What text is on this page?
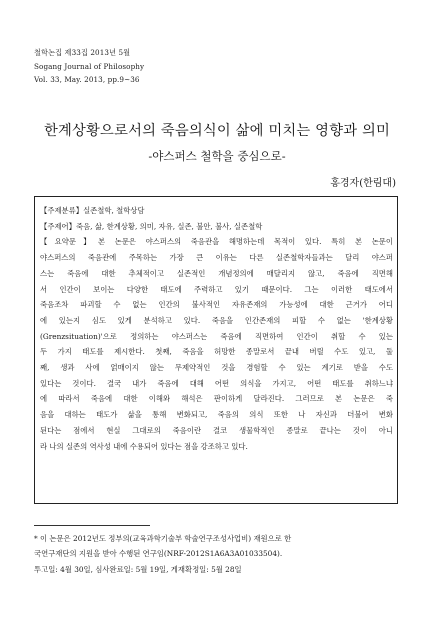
철학논집 제33집 2013년 5월
Sogang Journal of Philosophy
Vol. 33, May. 2013, pp.9~36
한계상황으로서의 죽음의식이 삶에 미치는 영향과 의미
-야스퍼스 철학을 중심으로-
홍경자(한림대)
【주제분류】실존철학, 철학상담
【주제어】죽음, 삶, 한계상황, 의미, 자유, 실존, 불안, 불사, 실존철학
【요약문】본 논문은 야스퍼스의 죽음관을 해명하는데 목적이 있다. 특히 본 논문이
야스퍼스의 죽음관에 주목하는 가장 큰 이유는 다른 실존철학자들과는 달리 야스퍼
스는 죽음에 대한 추체적이고 실존적인 개념정의에 매달리지 않고, 죽음에 직면해
서 인간이 보이는 다양한 태도에 주력하고 있기 때문이다. 그는 이러한 태도에서
죽음조차 파괴할 수 없는 인간의 불사적인 자유존재의 가능성에 대한 근거가 어디
에 있는지 심도 있게 분석하고 있다. 죽음을 인간존재의 피할 수 없는 '한계상황
(Grenzsituation)'으로 정의하는 야스퍼스는 죽음에 직면하여 인간이 취할 수 있는
두 가지 태도를 제시한다. 첫째, 죽음을 허망한 종말로서 끝내 버릴 수도 있고, 둘
째, 생과 사에 얽매이지 않는 무제약적인 것을 경험할 수 있는 계기로 받을 수도
있다는 것이다. 결국 내가 죽음에 대해 어떤 의식을 가지고, 어떤 태도를 취하느냐
에 따라서 죽음에 대한 이해와 해석은 판이하게 달라진다. 그러므로 본 논문은 죽
음을 대하는 태도가 삶을 통해 변화되고, 죽음의 의식 또한 나 자신과 더불어 변화
된다는 점에서 현실 그대로의 죽음이란 결코 생물학적인 종말로 끝나는 것이 아니
라 나의 실존의 역사성 내에 수용되어 있다는 점을 강조하고 있다.
* 이 논문은 2012년도 정부의(교육과학기술부 학술연구조성사업비) 재원으로 한
국연구재단의 지원을 받아 수행된 연구임(NRF-2012S1A6A3A01033504).
투고일: 4월 30일, 심사완료일: 5월 19일, 게재확정일: 5월 28일
